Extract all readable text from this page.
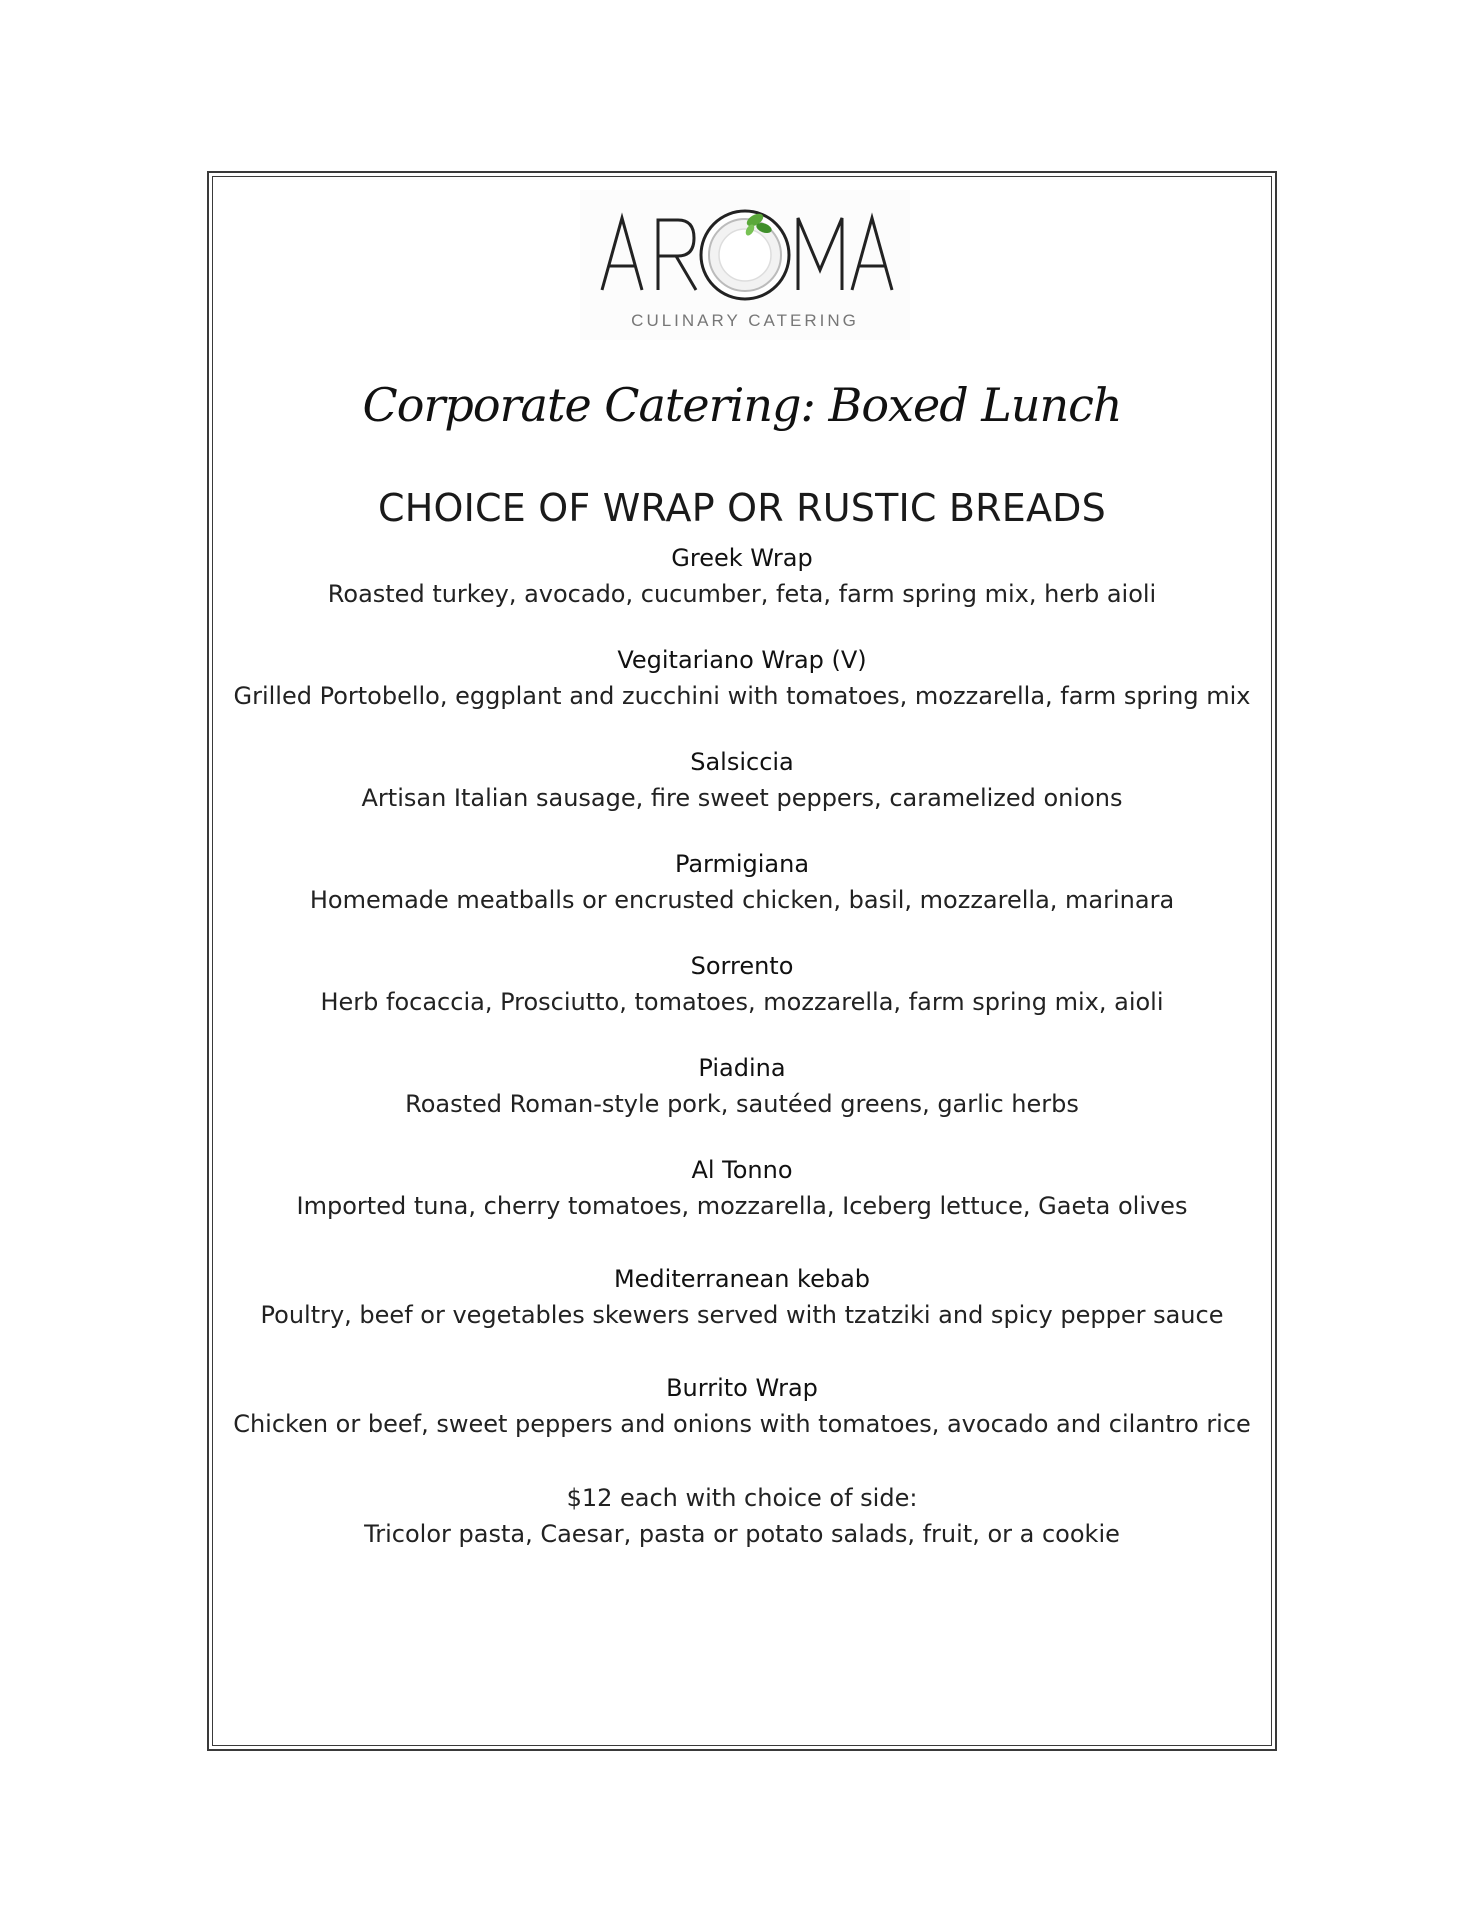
CULINARY CATERING
Corporate Catering: Boxed Lunch
CHOICE OF WRAP OR RUSTIC BREADS
Greek Wrap
Roasted turkey, avocado, cucumber, feta, farm spring mix, herb aioli
Vegitariano Wrap (V)
Grilled Portobello, eggplant and zucchini with tomatoes, mozzarella, farm spring mix
Salsiccia
Artisan Italian sausage, fire sweet peppers, caramelized onions
Parmigiana
Homemade meatballs or encrusted chicken, basil, mozzarella, marinara
Sorrento
Herb focaccia, Prosciutto, tomatoes, mozzarella, farm spring mix, aioli
Piadina
Roasted Roman-style pork, sautéed greens, garlic herbs
Al Tonno
Imported tuna, cherry tomatoes, mozzarella, Iceberg lettuce, Gaeta olives
Mediterranean kebab
Poultry, beef or vegetables skewers served with tzatziki and spicy pepper sauce
Burrito Wrap
Chicken or beef, sweet peppers and onions with tomatoes, avocado and cilantro rice
$12 each with choice of side:
Tricolor pasta, Caesar, pasta or potato salads, fruit, or a cookie
